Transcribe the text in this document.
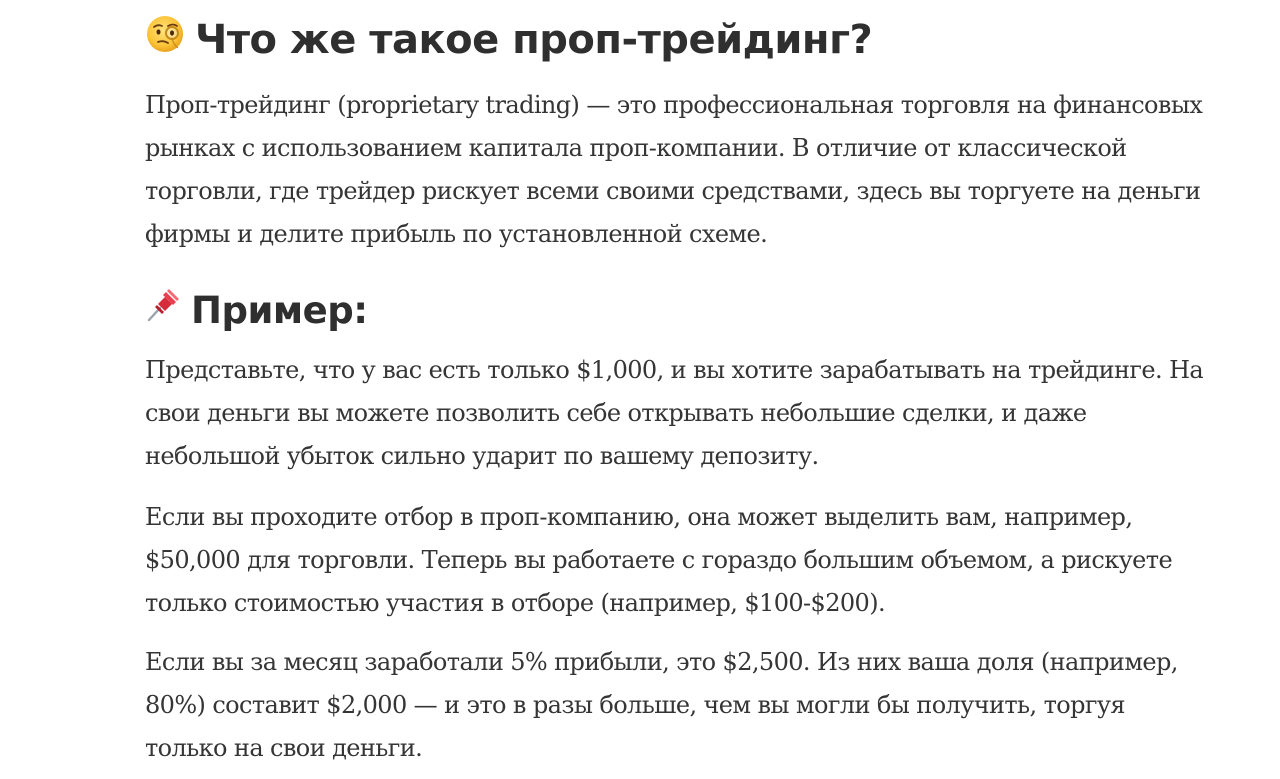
Что же такое проп-трейдинг?

Проп-трейдинг (proprietary trading) — это профессиональная торговля на финансовых рынках с использованием капитала проп-компании. В отличие от классической торговли, где трейдер рискует всеми своими средствами, здесь вы торгуете на деньги фирмы и делите прибыль по установленной схеме.

Пример:

Представьте, что у вас есть только $1,000, и вы хотите зарабатывать на трейдинге. На свои деньги вы можете позволить себе открывать небольшие сделки, и даже небольшой убыток сильно ударит по вашему депозиту.

Если вы проходите отбор в проп-компанию, она может выделить вам, например, $50,000 для торговли. Теперь вы работаете с гораздо большим объемом, а рискуете только стоимостью участия в отборе (например, $100-$200).

Если вы за месяц заработали 5% прибыли, это $2,500. Из них ваша доля (например, 80%) составит $2,000 — и это в разы больше, чем вы могли бы получить, торгуя только на свои деньги.
